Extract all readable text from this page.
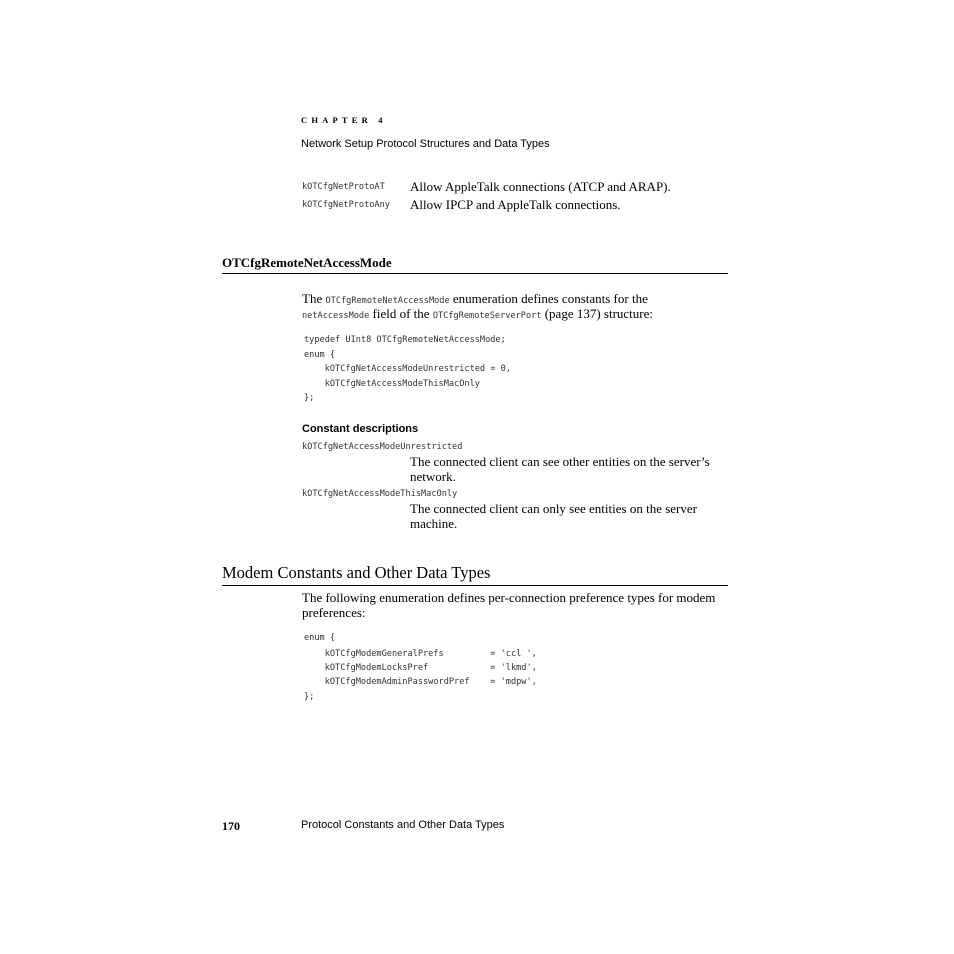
CHAPTER 4
Network Setup Protocol Structures and Data Types
kOTCfgNetProtoAT Allow AppleTalk connections (ATCP and ARAP).
kOTCfgNetProtoAny Allow IPCP and AppleTalk connections.
OTCfgRemoteNetAccessMode
The OTCfgRemoteNetAccessMode enumeration defines constants for the
netAccessMode field of the OTCfgRemoteServerPort (page 137) structure:
typedef UInt8 OTCfgRemoteNetAccessMode;
enum {
kOTCfgNetAccessModeUnrestricted = 0,
kOTCfgNetAccessModeThisMacOnly
};
Constant descriptions
kOTCfgNetAccessModeUnrestricted
The connected client can see other entities on the server’s
network.
kOTCfgNetAccessModeThisMacOnly
The connected client can only see entities on the server
machine.
Modem Constants and Other Data Types
The following enumeration defines per-connection preference types for modem
preferences:
enum {
kOTCfgModemGeneralPrefs         = 'ccl ',
kOTCfgModemLocksPref            = 'lkmd',
kOTCfgModemAdminPasswordPref    = 'mdpw',
};
170	Protocol Constants and Other Data Types
